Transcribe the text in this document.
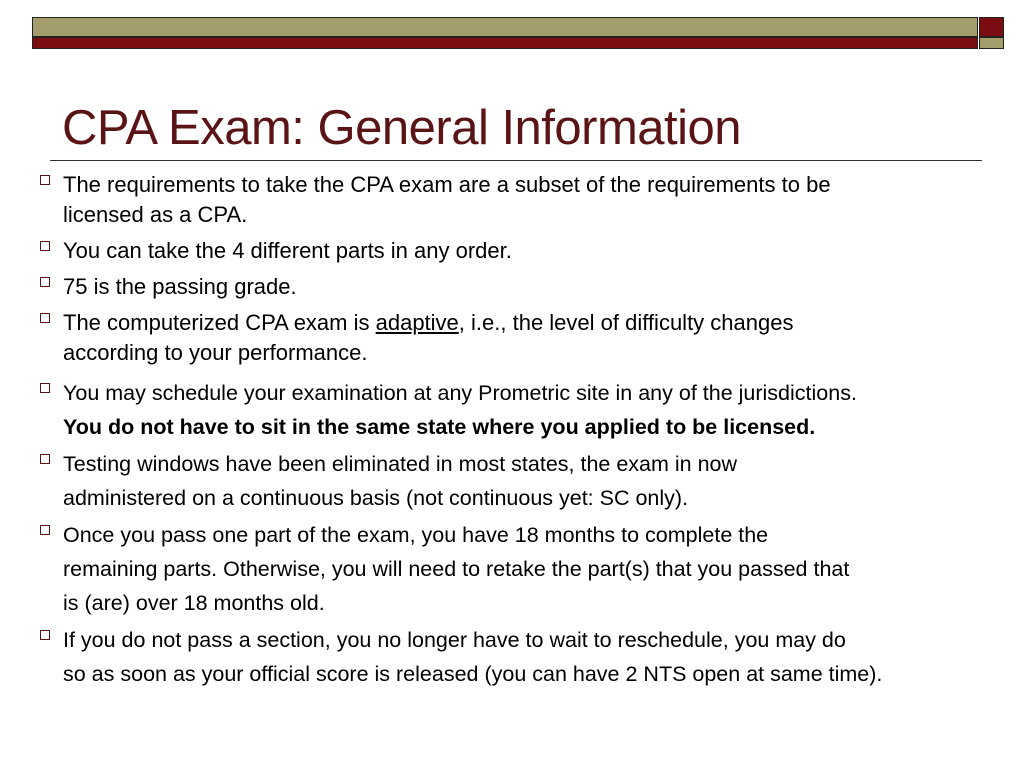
CPA Exam: General Information
The requirements to take the CPA exam are a subset of the requirements to be
licensed as a CPA.
You can take the 4 different parts in any order.
75 is the passing grade.
The computerized CPA exam is adaptive, i.e., the level of difficulty changes
according to your performance.
You may schedule your examination at any Prometric site in any of the jurisdictions.
You do not have to sit in the same state where you applied to be licensed.
Testing windows have been eliminated in most states, the exam in now
administered on a continuous basis (not continuous yet: SC only).
Once you pass one part of the exam, you have 18 months to complete the
remaining parts. Otherwise, you will need to retake the part(s) that you passed that
is (are) over 18 months old.
If you do not pass a section, you no longer have to wait to reschedule, you may do
so as soon as your official score is released (you can have 2 NTS open at same time).
